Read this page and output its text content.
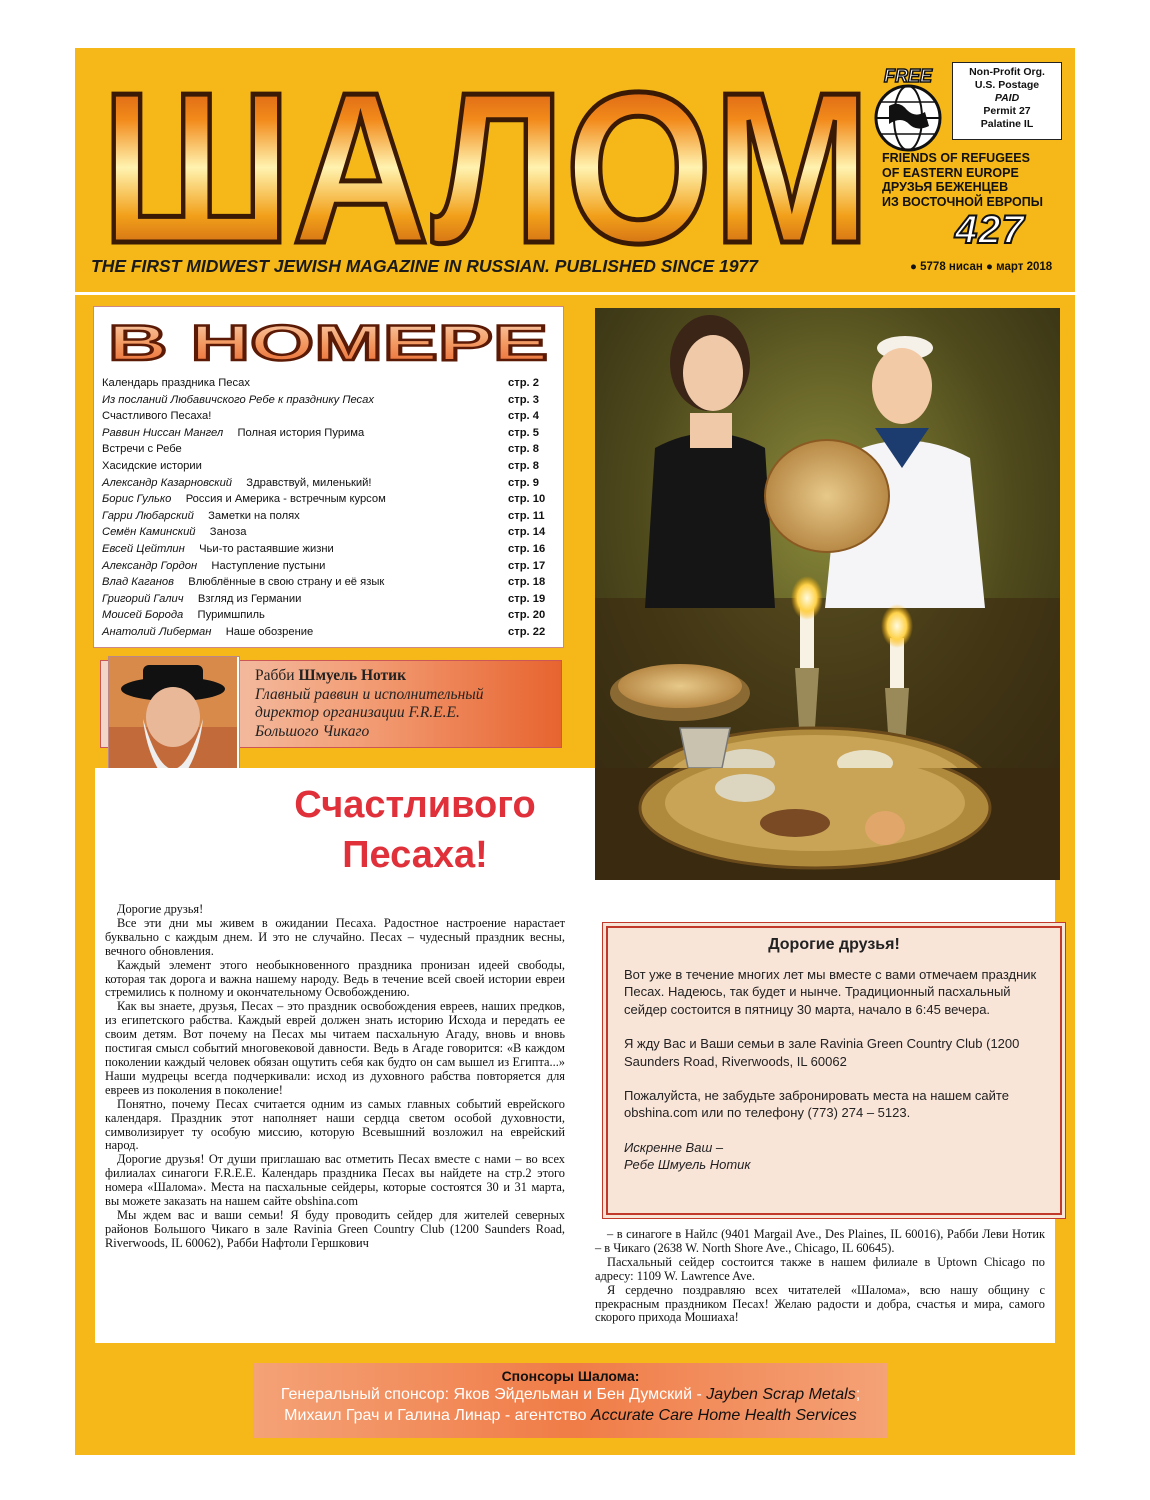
ШАЛОМ FREE	Non-Profit Org.
U.S. Postage
PAID
Permit 27
Palatine IL
FRIENDS OF REFUGEES
OF EASTERN EUROPE
ДРУЗЬЯ БЕЖЕНЦЕВ
ИЗ ВОСТОЧНОЙ ЕВРОПЫ
427
● 5778 нисан ● март 2018
THE FIRST MIDWEST JEWISH MAGAZINE IN RUSSIAN. PUBLISHED SINCE 1977
В НОМЕРЕ
Календарь праздника Песах	стр. 2
Из посланий Любавичского Ребе к празднику Песах	стр. 3
Счастливого Песаха!	стр. 4
Раввин Ниссан Мангел  Полная история Пурима	стр. 5
Встречи с Ребе	стр. 8
Хасидские истории	стр. 8
Александр Казарновский  Здравствуй, миленький!	стр. 9
Борис Гулько  Россия и Америка - встречным курсом	стр. 10
Гарри Любарский  Заметки на полях	стр. 11
Семён Каминский  Заноза	стр. 14
Евсей Цейтлин  Чьи-то растаявшие жизни	стр. 16
Александр Гордон  Наступление пустыни	стр. 17
Влад Каганов  Влюблённые в свою страну и её язык	стр. 18
Григорий Галич  Взгляд из Германии	стр. 19
Моисей Борода  Пуримшпиль	стр. 20
Анатолий Либерман  Наше обозрение	стр. 22
Рабби Шмуель Нотик
Главный раввин и исполнительный
директор организации F.R.E.E.
Большого Чикаго
Счастливого
Песаха!

Дорогие друзья!

Все эти дни мы живем в ожидании Песаха. Радостное настроение нарастает буквально с каждым днем. И это не случайно. Песах – чудесный праздник весны, вечного обновления.

Каждый элемент этого необыкновенного праздника пронизан идеей свободы, которая так дорога и важна нашему народу. Ведь в течение всей своей истории евреи стремились к полному и окончательному Освобождению.

Как вы знаете, друзья, Песах – это праздник освобождения евреев, наших предков, из египетского рабства. Каждый еврей должен знать историю Исхода и передать ее своим детям. Вот почему на Песах мы читаем пасхальную Агаду, вновь и вновь постигая смысл событий многовековой давности. Ведь в Агаде говорится: «В каждом поколении каждый человек обязан ощутить себя как будто он сам вышел из Египта...» Наши мудрецы всегда подчеркивали: исход из духовного рабства повторяется для евреев из поколения в поколение!

Понятно, почему Песах считается одним из самых главных событий еврейского календаря. Праздник этот наполняет наши сердца светом особой духовности, символизирует ту особую миссию, которую Всевышний возложил на еврейский народ.

Дорогие друзья! От души приглашаю вас отметить Песах вместе с нами – во всех филиалах синагоги F.R.E.E. Календарь праздника Песах вы найдете на стр.2 этого номера «Шалома». Места на пасхальные сейдеры, которые состоятся 30 и 31 марта, вы можете заказать на нашем сайте obshina.com

Мы ждем вас и ваши семьи! Я буду проводить сейдер для жителей северных районов Большого Чикаго в зале Ravinia Green Country Club (1200 Saunders Road, Riverwoods, IL 60062), Рабби Нафтоли Гершкович

– в синагоге в Найлс (9401 Margail Ave., Des Plaines, IL 60016), Рабби Леви Нотик – в Чикаго (2638 W. North Shore Ave., Chicago, IL 60645).

Пасхальный сейдер состоится также в нашем филиале в Uptown Chicago по адресу: 1109 W. Lawrence Ave.

Я сердечно поздравляю всех читателей «Шалома», всю нашу общину с прекрасным праздником Песах! Желаю радости и добра, счастья и мира, самого скорого прихода Мошиаха!

Дорогие друзья!

Вот уже в течение многих лет мы вместе с вами отмечаем праздник Песах. Надеюсь, так будет и нынче. Традиционный пасхальный сейдер состоится в пятницу 30 марта, начало в 6:45 вечера.

Я жду Вас и Ваши семьи в зале Ravinia Green Country Club (1200 Saunders Road, Riverwoods, IL 60062

Пожалуйста, не забудьте забронировать места на нашем сайте obshina.com или по телефону (773) 274 – 5123.

Искренне Ваш –

Ребе Шмуель Нотик

Спонсоры Шалома:
Генеральный спонсор: Яков Эйдельман и Бен Думский - Jayben Scrap Metals;
Михаил Грач и Галина Линар - агентство Accurate Care Home Health Services
